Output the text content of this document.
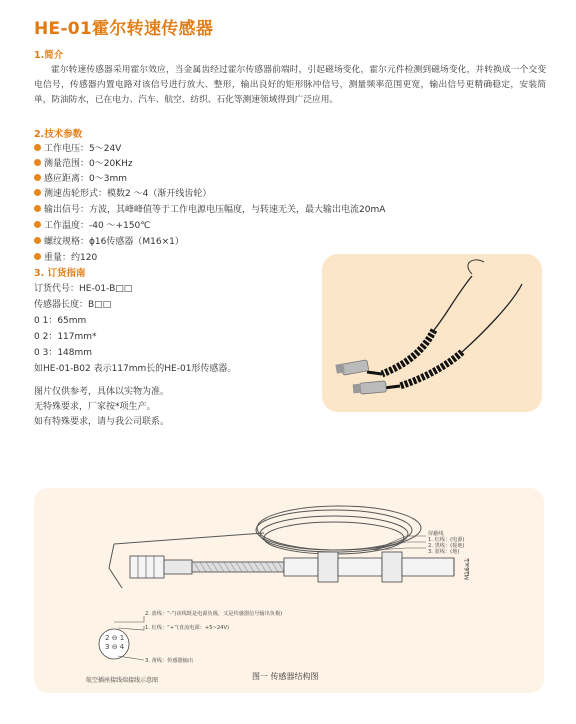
HE-01霍尔转速传感器
1.简介
霍尔转速传感器采用霍尔效应，当金属齿经过霍尔传感器前端时，引起磁场变化，霍尔元件检测到磁场变化，并转换成一个交变电信号，传感器内置电路对该信号进行放大、整形，输出良好的矩形脉冲信号，测量频率范围更宽，输出信号更精确稳定，安装简单，防油防水，已在电力、汽车、航空、纺织、石化等测速领域得到广泛应用。
2.技术参数
工作电压：5～24V
测量范围：0～20KHz
感应距离：0～3mm
测速齿轮形式：模数2 ～4（渐开线齿轮）
输出信号：方波，其峰峰值等于工作电源电压幅度，与转速无关，最大输出电流20mA
工作温度：-40 ～+150℃
螺纹规格：ϕ16传感器（M16×1）
重量：约120
3. 订货指南
订货代号：HE-01-B□□
传感器长度：B□□
0 1：65mm
0 2：117mm*
0 3：148mm
如HE-01-B02 表示117mm长的HE-01形传感器。
图片仅供参考，具体以实物为准。
无特殊要求，厂家按*项生产。
如有特殊要求，请与我公司联系。
2. 蓝线：“-”(该线既是电源负极，又是传感器信号输出负极)
1. 红线：“+”(直流电源：+5~24V)
3. 黄线：传感器输出
屏蔽线
1. 红线：(电源)
2. 黑线：(接地)
3. 蓝线：(地)
M16×1
2 ⊖ 1
3 ⊖ 4
航空插座接线端接线示意图	图一 传感器结构图
